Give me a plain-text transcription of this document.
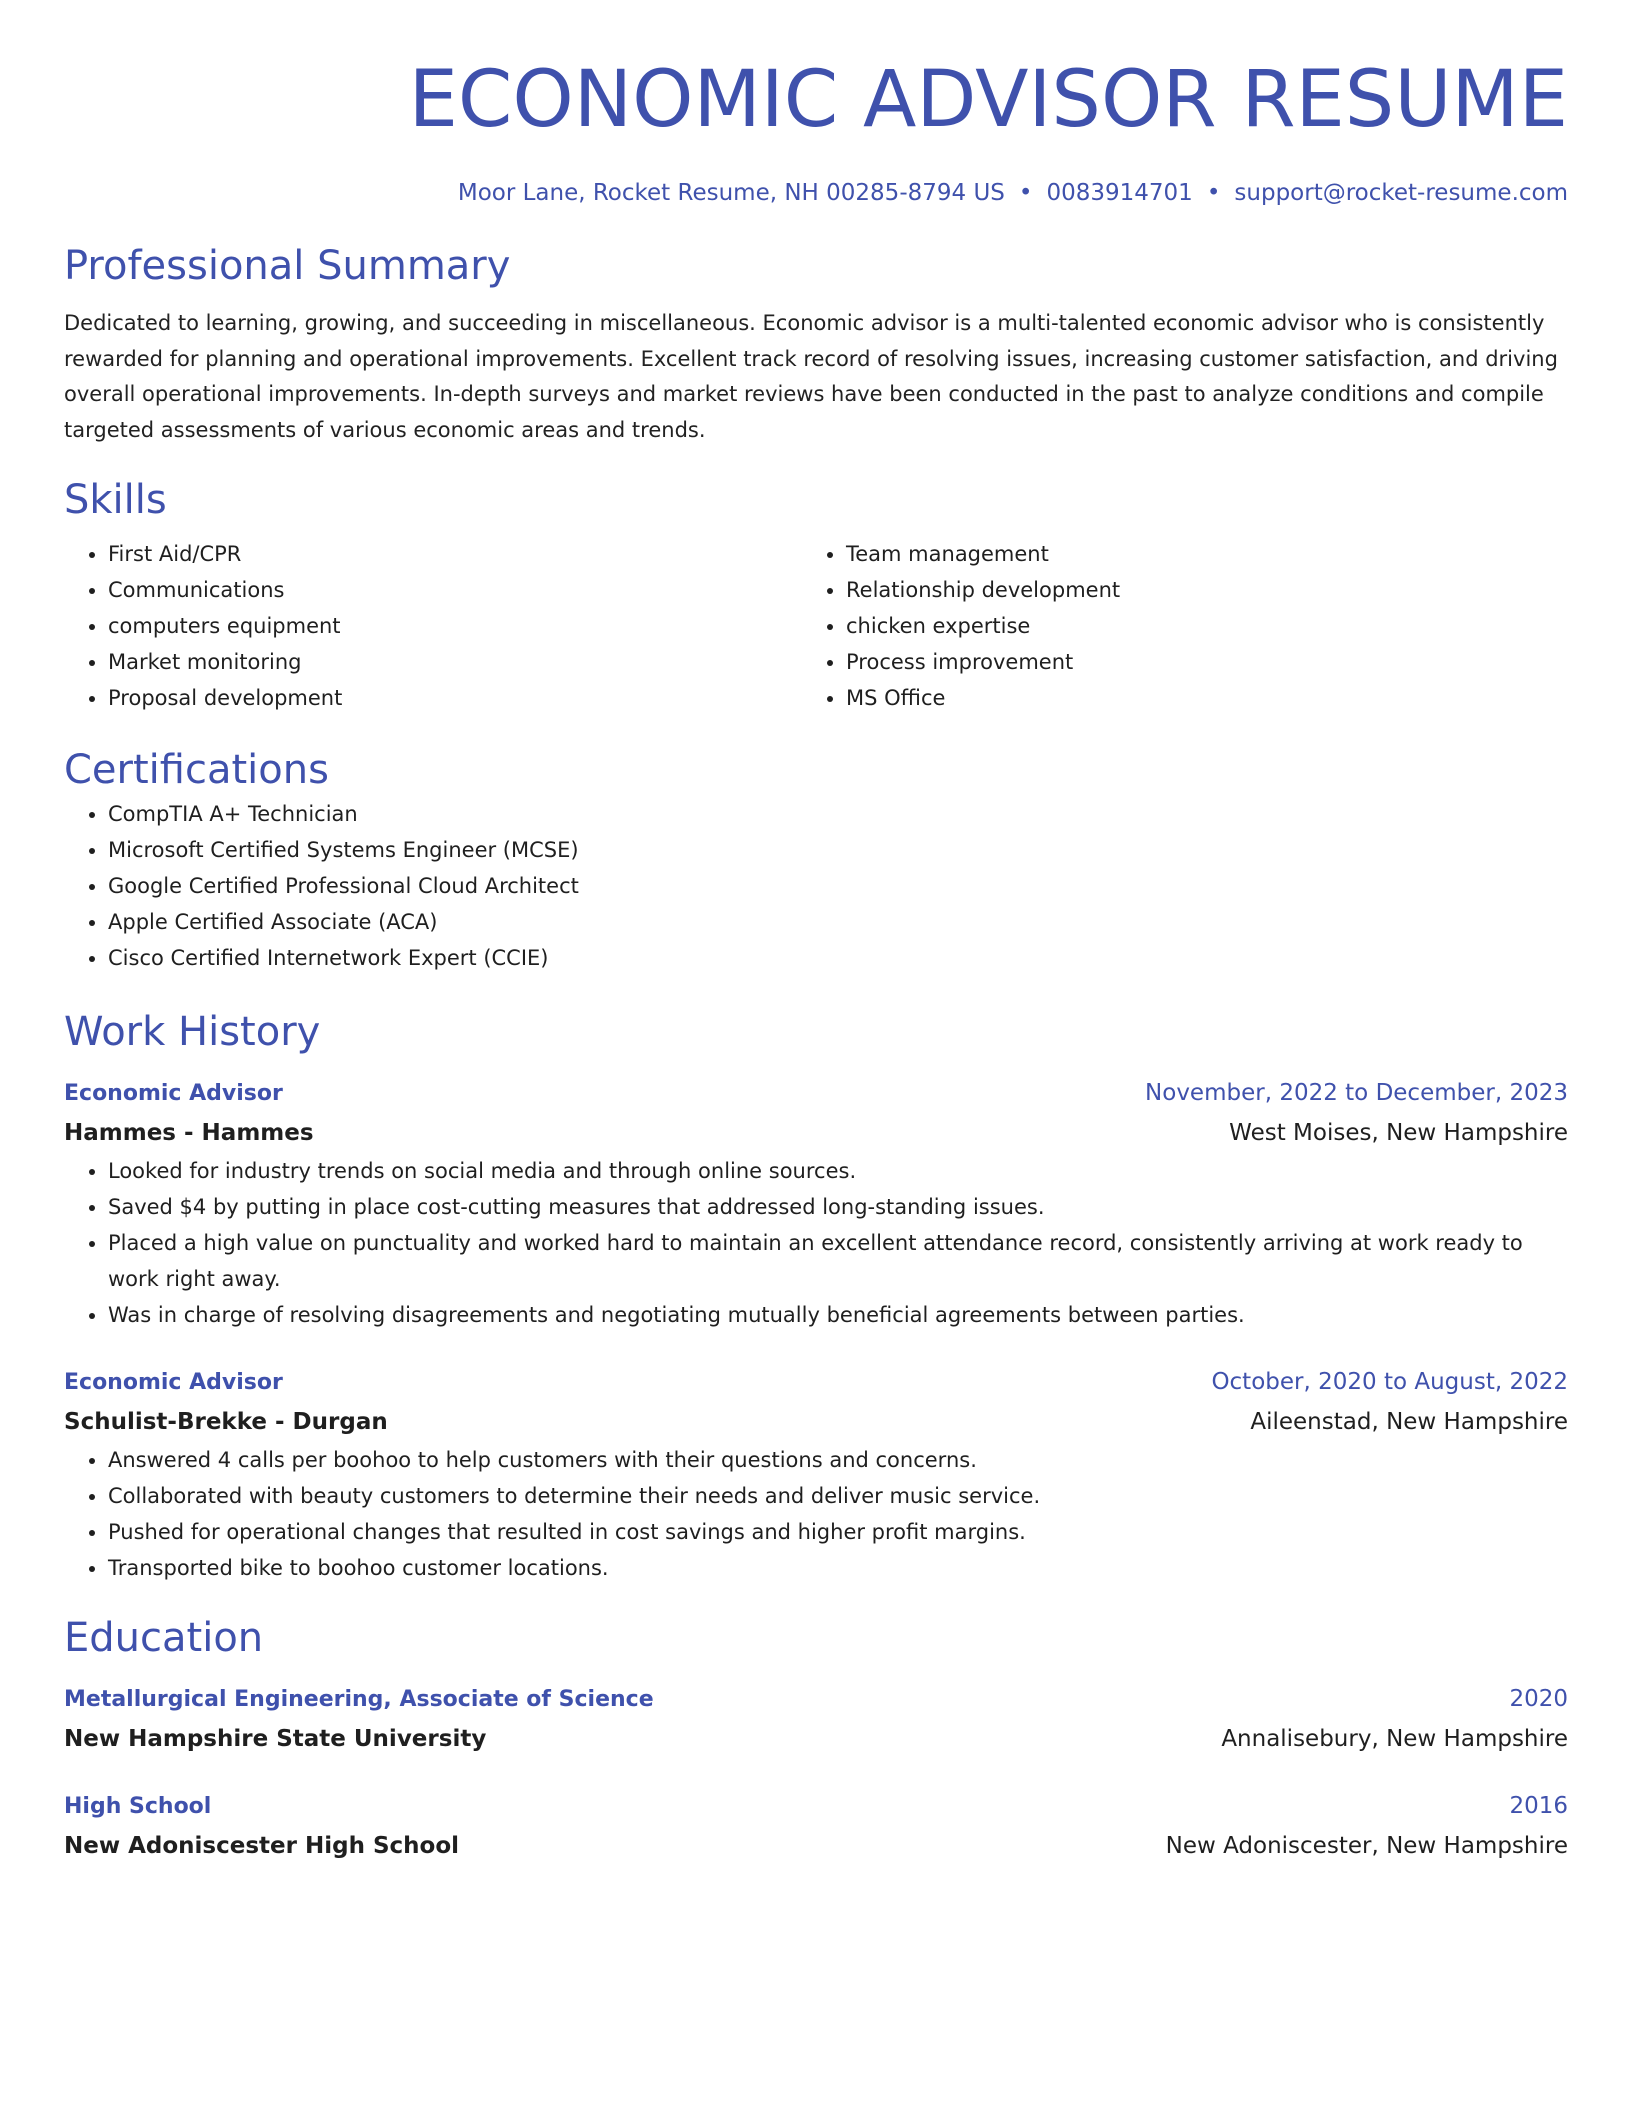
ECONOMIC ADVISOR RESUME
Moor Lane, Rocket Resume, NH 00285-8794 US • 0083914701 • support@rocket-resume.com
Professional Summary

Dedicated to learning, growing, and succeeding in miscellaneous. Economic advisor is a multi-talented economic advisor who is consistently rewarded for planning and operational improvements. Excellent track record of resolving issues, increasing customer satisfaction, and driving overall operational improvements. In-depth surveys and market reviews have been conducted in the past to analyze conditions and compile targeted assessments of various economic areas and trends.

Skills
• First Aid/CPR
• Communications
• computers equipment
• Market monitoring
• Proposal development
• Team management
• Relationship development
• chicken expertise
• Process improvement
• MS Office
Certifications
• CompTIA A+ Technician
• Microsoft Certified Systems Engineer (MCSE)
• Google Certified Professional Cloud Architect
• Apple Certified Associate (ACA)
• Cisco Certified Internetwork Expert (CCIE)
Work History
Economic Advisor	November, 2022 to December, 2023
Hammes - Hammes	West Moises, New Hampshire
• Looked for industry trends on social media and through online sources.
• Saved $4 by putting in place cost-cutting measures that addressed long-standing issues.
• Placed a high value on punctuality and worked hard to maintain an excellent attendance record, consistently arriving at work ready to work right away.
• Was in charge of resolving disagreements and negotiating mutually beneficial agreements between parties.
Economic Advisor	October, 2020 to August, 2022
Schulist-Brekke - Durgan	Aileenstad, New Hampshire
• Answered 4 calls per boohoo to help customers with their questions and concerns.
• Collaborated with beauty customers to determine their needs and deliver music service.
• Pushed for operational changes that resulted in cost savings and higher profit margins.
• Transported bike to boohoo customer locations.
Education
Metallurgical Engineering, Associate of Science	2020
New Hampshire State University	Annalisebury, New Hampshire
High School	2016
New Adoniscester High School	New Adoniscester, New Hampshire
